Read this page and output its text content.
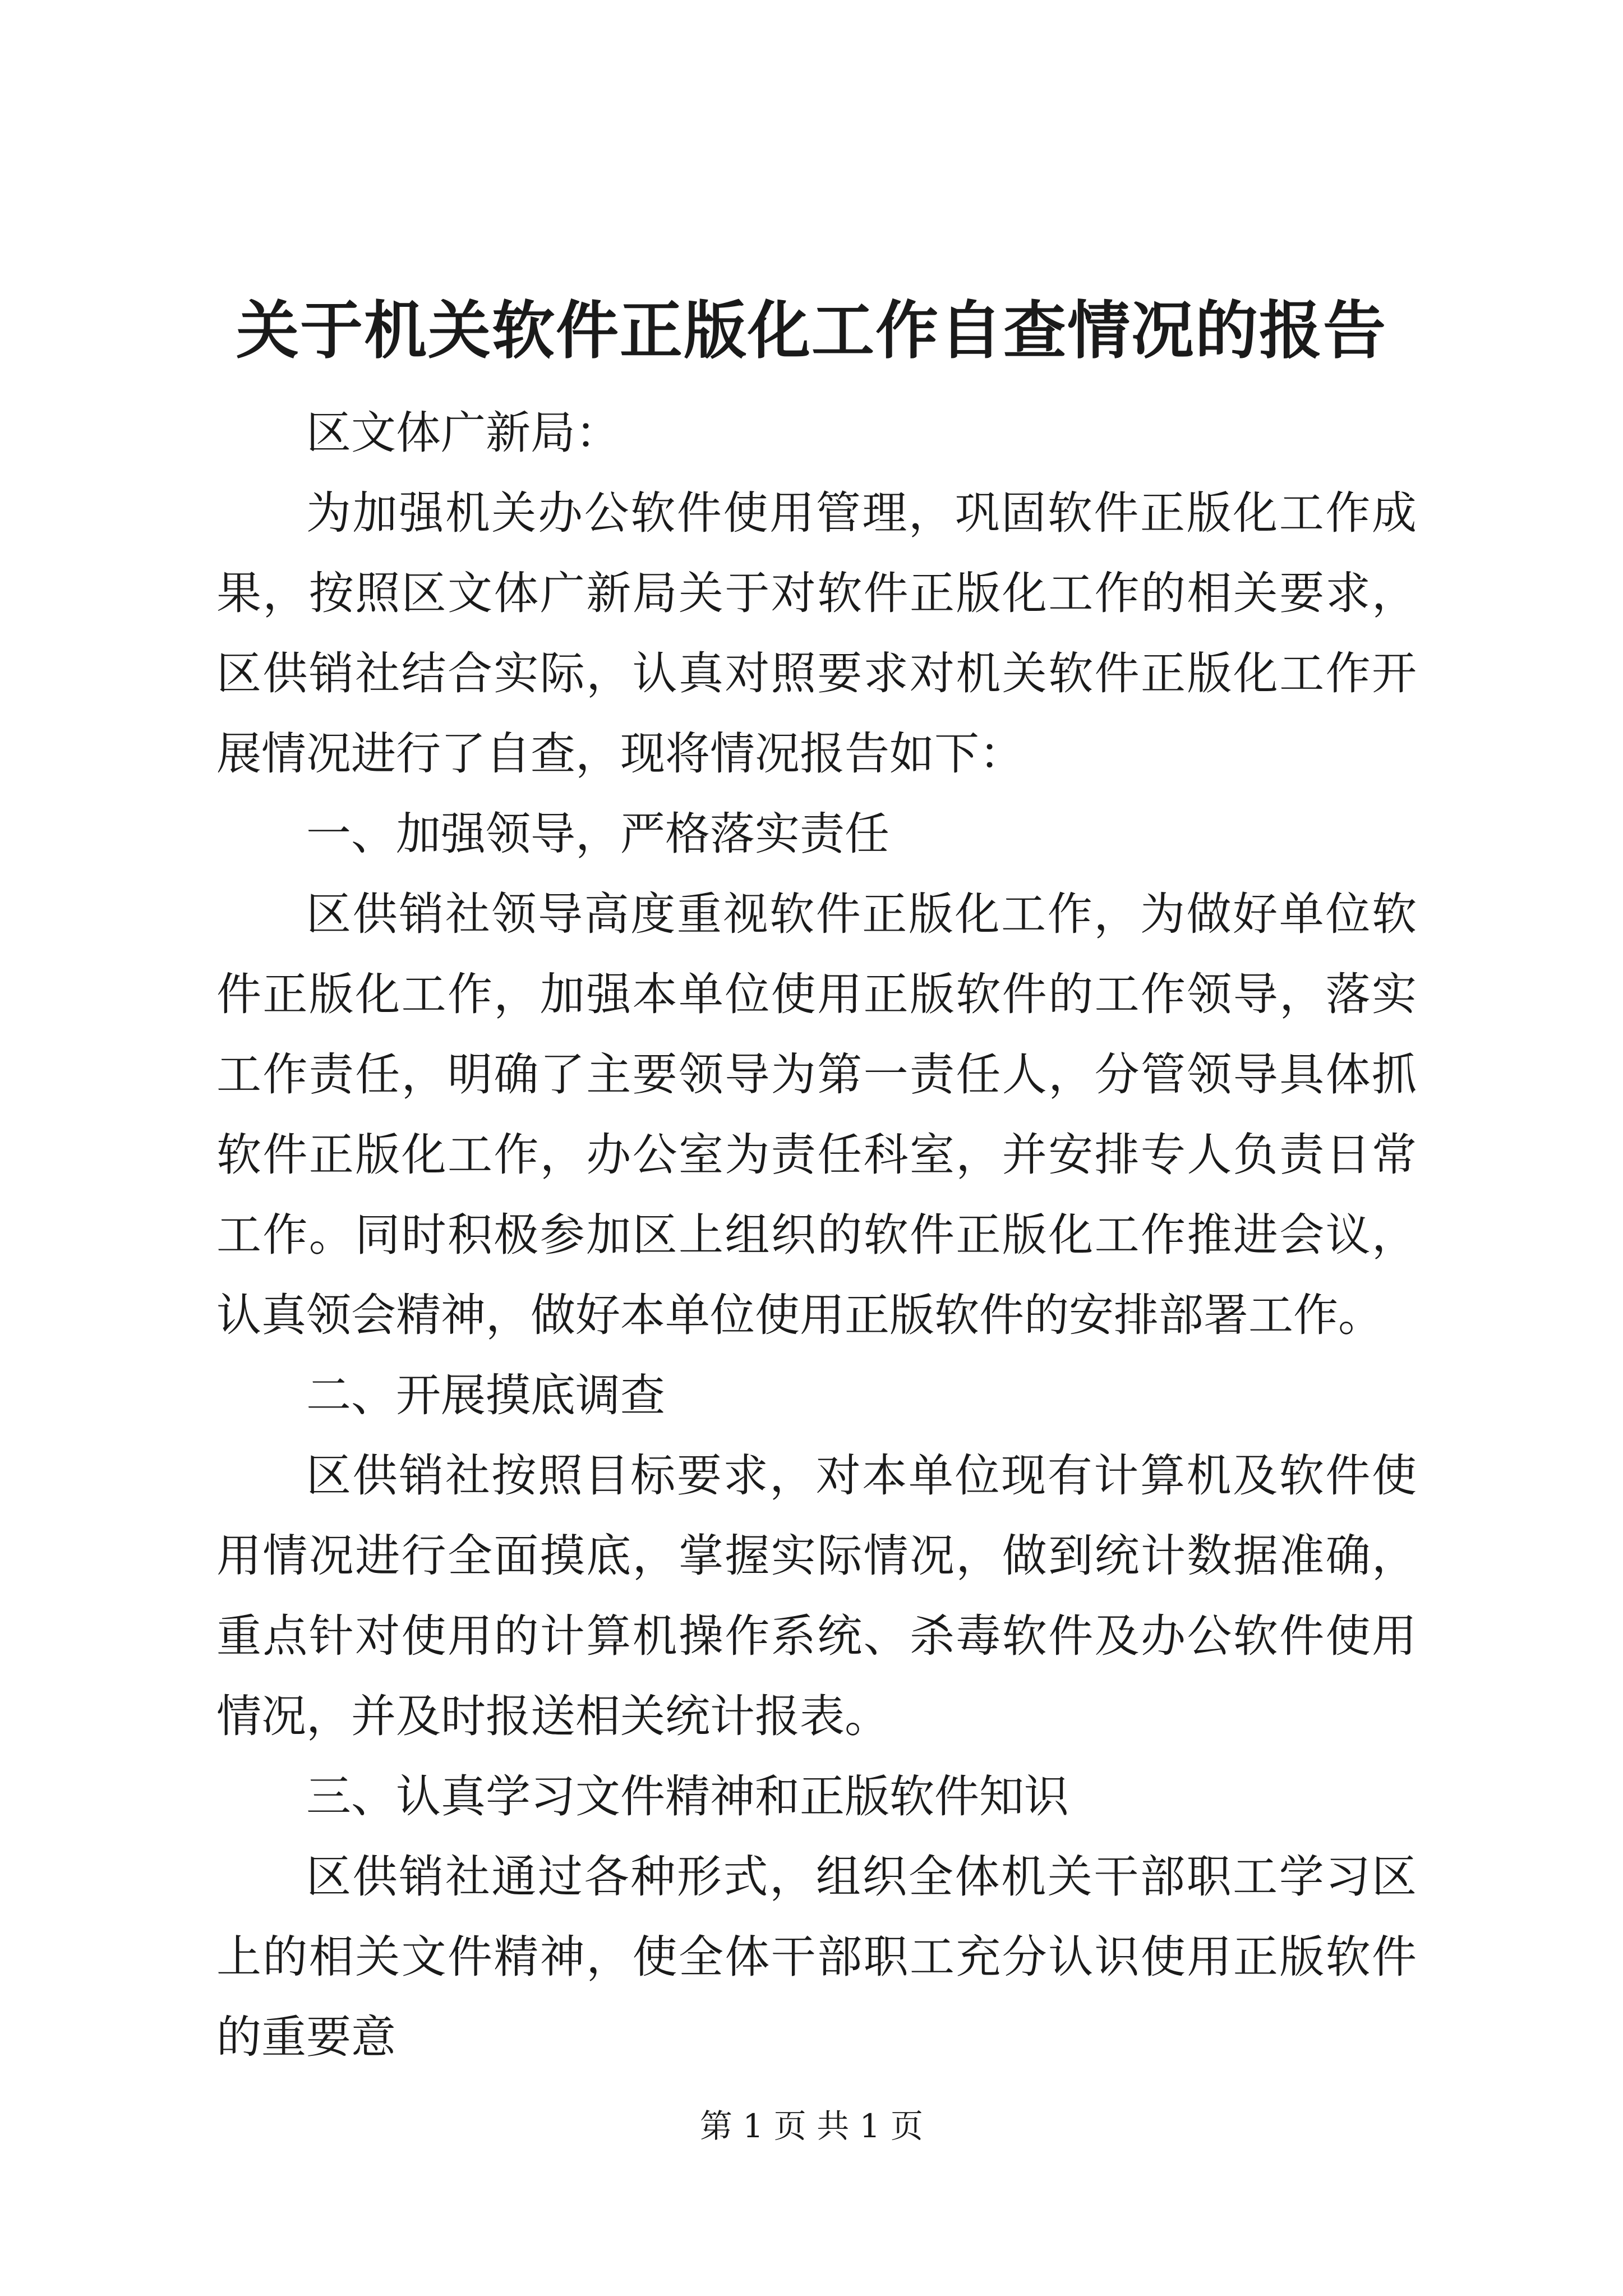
关于机关软件正版化工作自查情况的报告

区文体广新局：

为加强机关办公软件使用管理，巩固软件正版化工作成果，按照区文体广新局关于对软件正版化工作的相关要求，区供销社结合实际，认真对照要求对机关软件正版化工作开展情况进行了自查，现将情况报告如下：

一、加强领导，严格落实责任

区供销社领导高度重视软件正版化工作，为做好单位软件正版化工作，加强本单位使用正版软件的工作领导，落实工作责任，明确了主要领导为第一责任人，分管领导具体抓软件正版化工作，办公室为责任科室，并安排专人负责日常工作。同时积极参加区上组织的软件正版化工作推进会议，认真领会精神，做好本单位使用正版软件的安排部署工作。

二、开展摸底调查

区供销社按照目标要求，对本单位现有计算机及软件使用情况进行全面摸底，掌握实际情况，做到统计数据准确，重点针对使用的计算机操作系统、杀毒软件及办公软件使用情况，并及时报送相关统计报表。

三、认真学习文件精神和正版软件知识

区供销社通过各种形式，组织全体机关干部职工学习区上的相关文件精神，使全体干部职工充分认识使用正版软件的重要意

第 1 页 共 1 页
